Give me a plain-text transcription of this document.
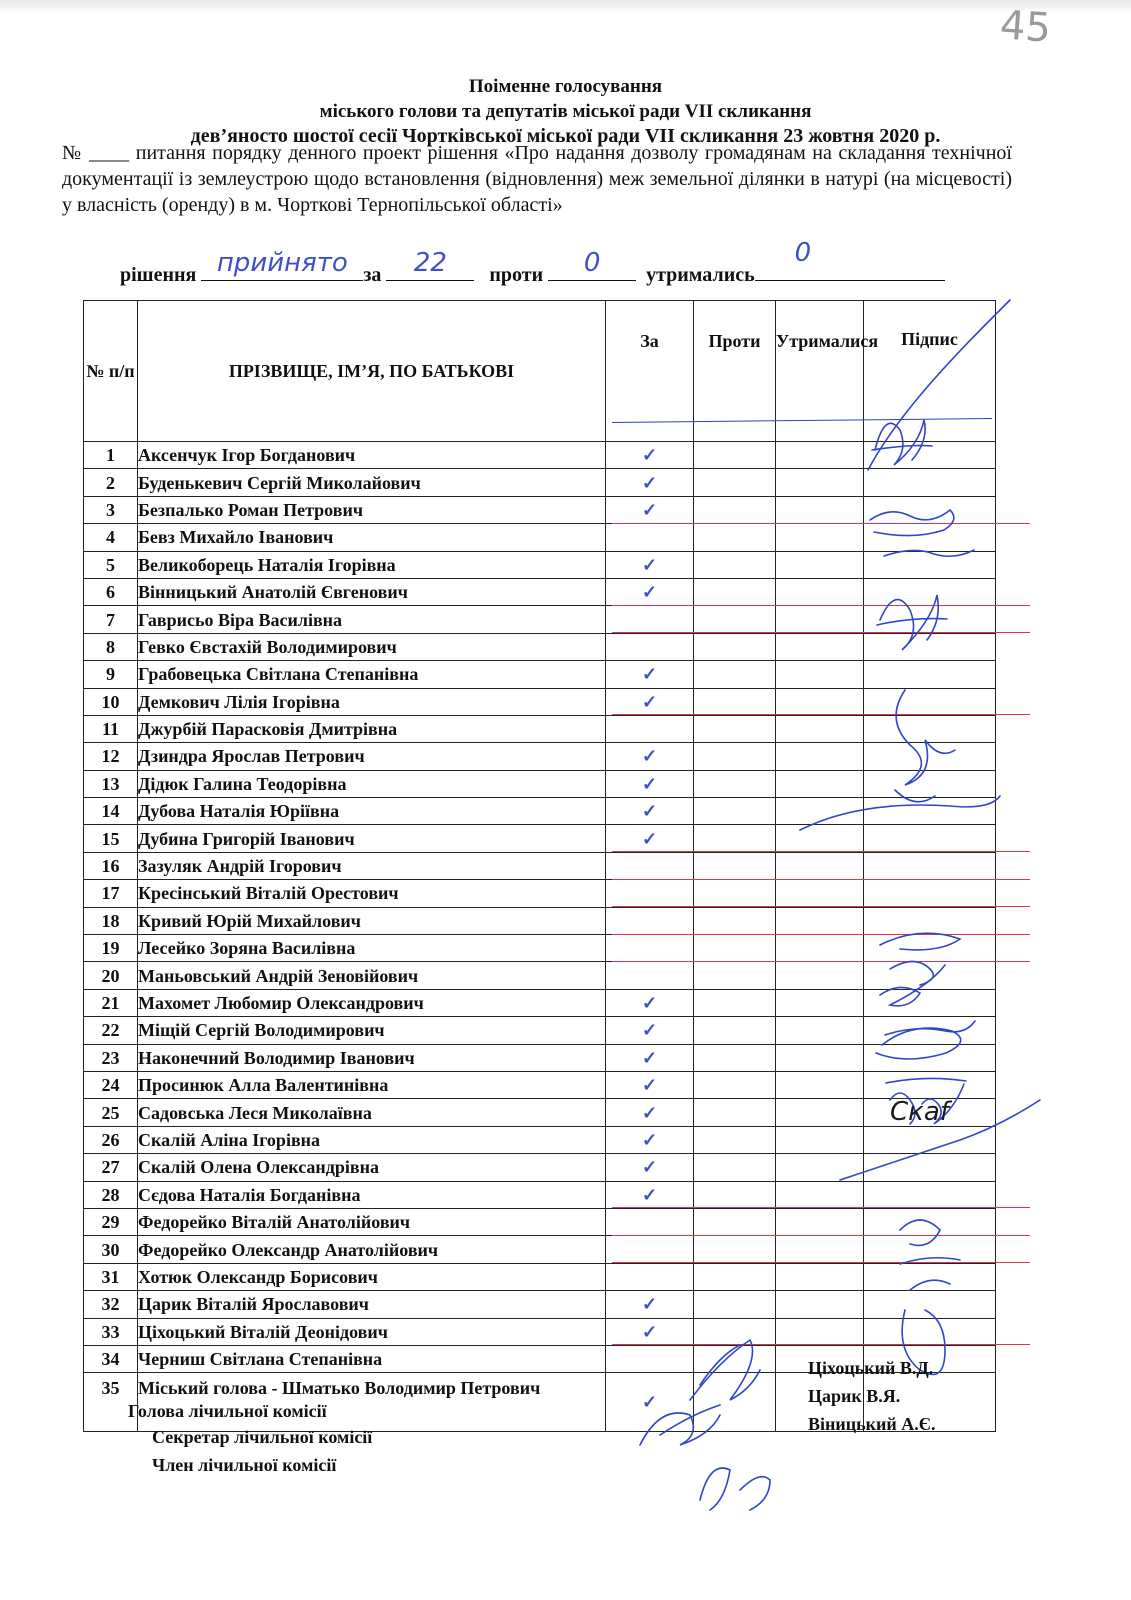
45
Поіменне голосування
міського голови та депутатів міської ради VII скликання
дев’яносто шостої сесії Чортківської міської ради VII скликання 23 жовтня 2020 р.
№ ____ питання порядку денного проект рішення «Про надання дозволу громадянам на складання технічної документації із землеустрою щодо встановлення (відновлення) меж земельної ділянки в натурі (на місцевості) у власність (оренду) в м. Чорткові Тернопільської області»
рішення прийнято за	22	проти	0	утримались
0
№ п/п	ПРІЗВИЩЕ, ІМ’Я, ПО БАТЬКОВІ	За	Проти	Утрималися	Підпис
1	Аксенчук Ігор Богданович	✓			
2	Буденькевич Сергій Миколайович	✓			
3	Безпалько Роман Петрович	✓			
4	Бевз Михайло Іванович				
5	Великоборець Наталія Ігорівна	✓			
6	Вінницький Анатолій Євгенович	✓			
7	Гаврисьо Віра Василівна				
8	Гевко Євстахій Володимирович				
9	Грабовецька Світлана Степанівна	✓			
10	Демкович Лілія Ігорівна	✓			
11	Джурбій Парасковія Дмитрівна				
12	Дзиндра Ярослав Петрович	✓			
13	Дідюк Галина Теодорівна	✓			
14	Дубова Наталія Юріївна	✓			
15	Дубина Григорій Іванович	✓			
16	Зазуляк Андрій Ігорович				
17	Кресінський Віталій Орестович				
18	Кривий Юрій Михайлович				
19	Лесейко Зоряна Василівна				
20	Маньовський Андрій Зеновійович				
21	Махомет Любомир Олександрович	✓			
22	Міщій Сергій Володимирович	✓			
23	Наконечний Володимир Іванович	✓			
24	Просинюк Алла Валентинівна	✓			
25	Садовська Леся Миколаївна	✓			
26	Скалій Аліна Ігорівна	✓			
27	Скалій Олена Олександрівна	✓			
28	Сєдова Наталія Богданівна	✓			
29	Федорейко Віталій Анатолійович				
30	Федорейко Олександр Анатолійович				
31	Хотюк Олександр Борисович				
32	Царик Віталій Ярославович	✓			
33	Ціхоцький Віталій Деонідович	✓			
34	Черниш Світлана Степанівна				
35	Міський голова - Шматько Володимир Петрович	✓			
Скаf
Голова лічильної комісії
Секретар лічильної комісії
Член лічильної комісії
Ціхоцький В.Д.
Царик В.Я.
Віницький А.Є.
